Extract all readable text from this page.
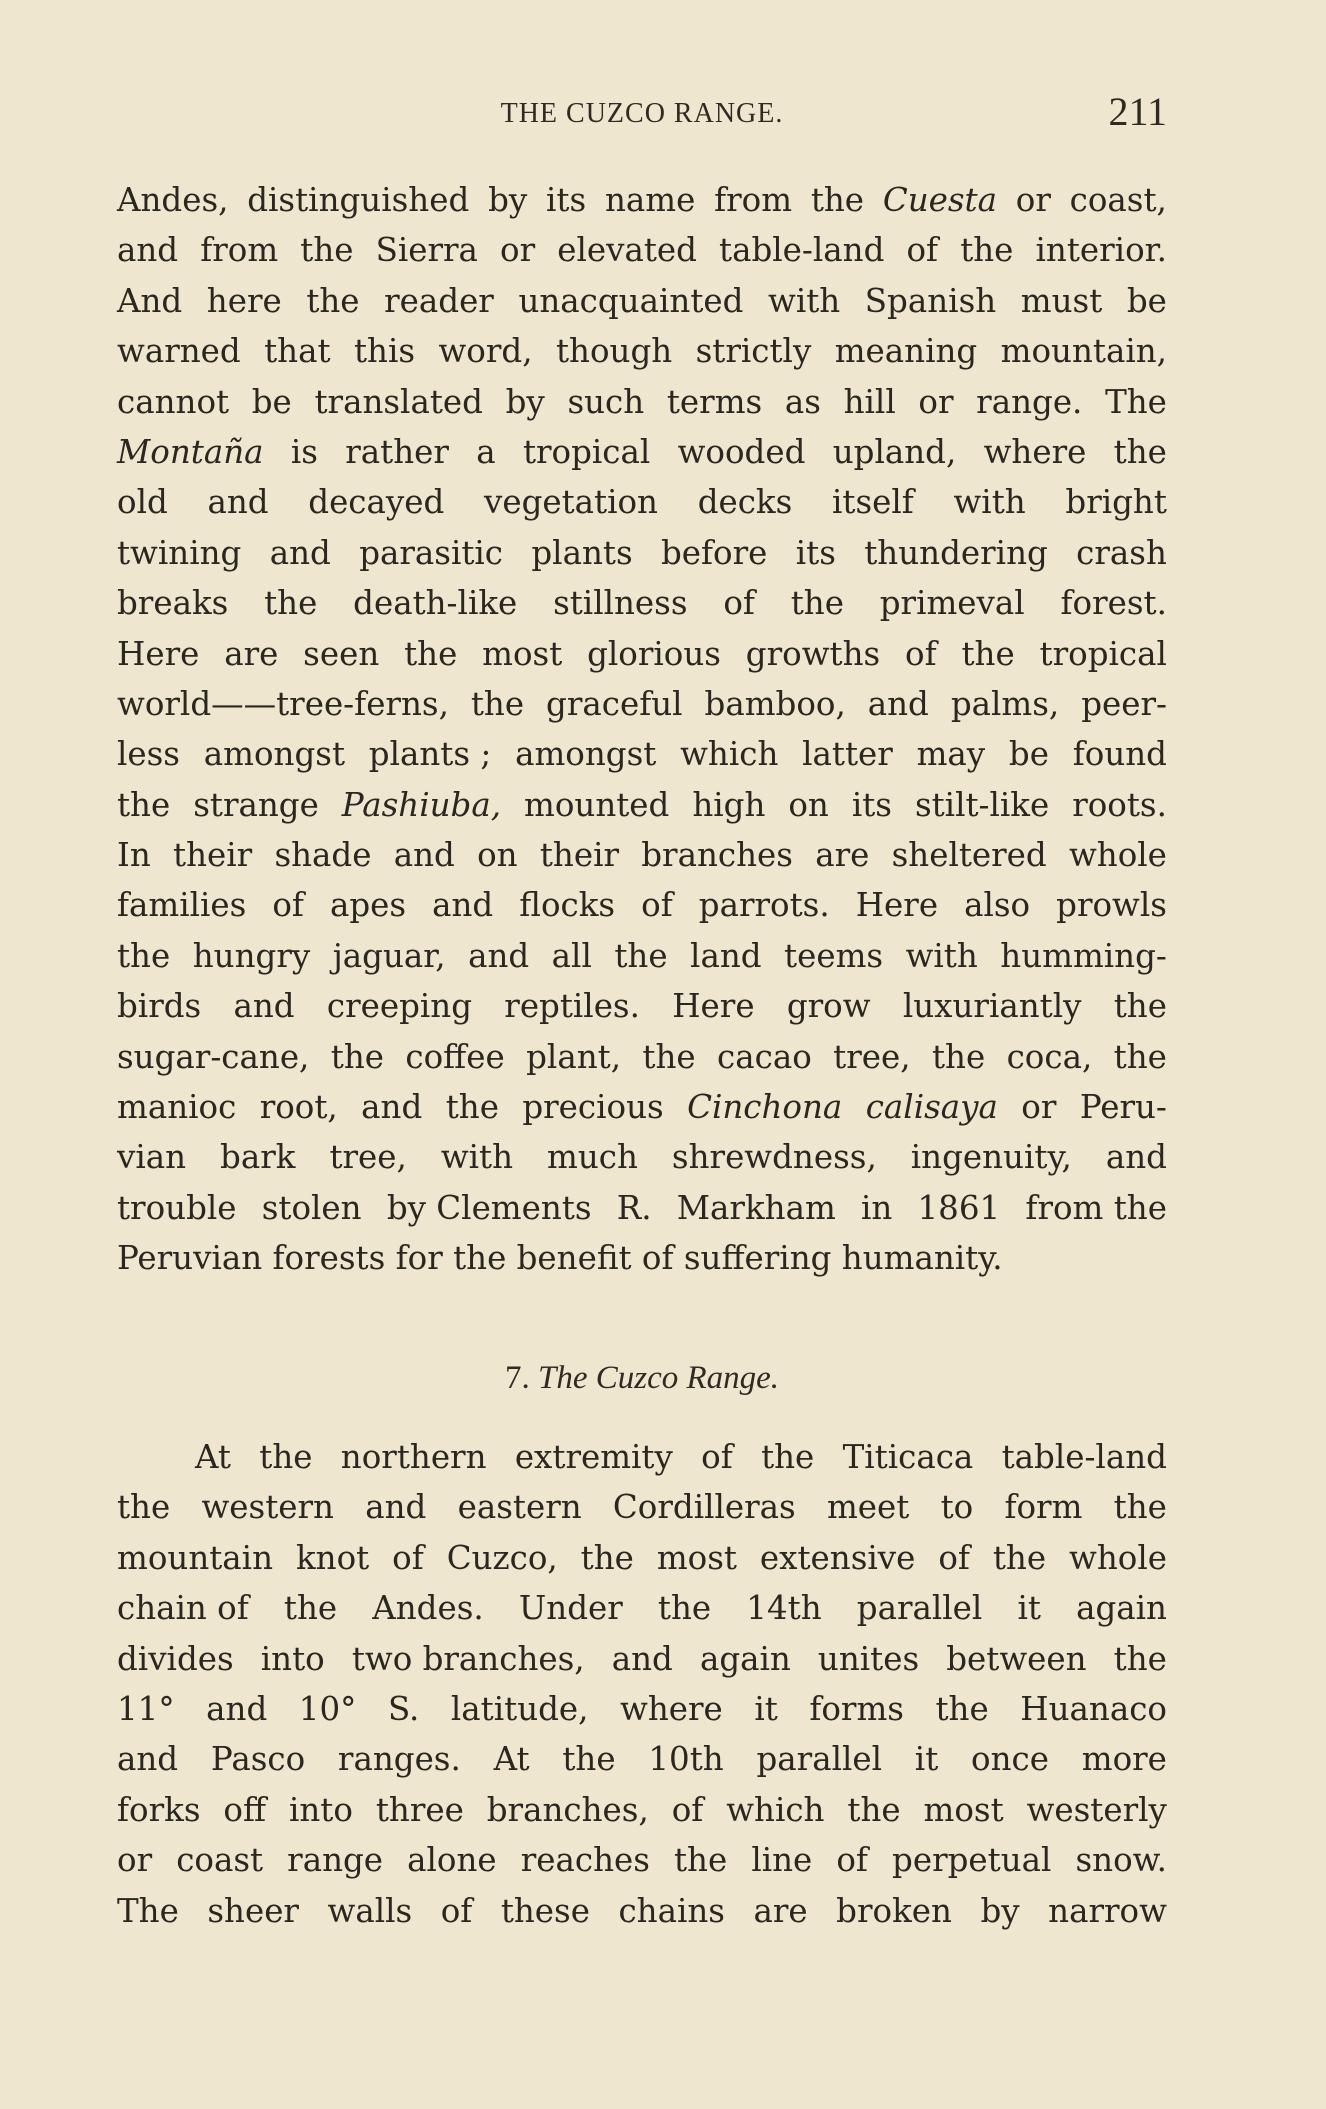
THE CUZCO RANGE.	211
Andes, distinguished by its name from the Cuesta or coast,
and from the Sierra or elevated table-land of the interior.
And here the reader unacquainted with Spanish must be
warned that this word, though strictly meaning mountain,
cannot be translated by such terms as hill or range. The
Montaña is rather a tropical wooded upland, where the
old and decayed vegetation decks itself with bright
twining and parasitic plants before its thundering crash
breaks the death-like stillness of the primeval forest.
Here are seen the most glorious growths of the tropical
world——tree-ferns, the graceful bamboo, and palms, peer-
less amongst plants ; amongst which latter may be found
the strange Pashiuba, mounted high on its stilt-like roots.
In their shade and on their branches are sheltered whole
families of apes and flocks of parrots. Here also prowls
the hungry jaguar, and all the land teems with humming-
birds and creeping reptiles. Here grow luxuriantly the
sugar-cane, the coffee plant, the cacao tree, the coca, the
manioc root, and the precious Cinchona calisaya or Peru-
vian bark tree, with much shrewdness, ingenuity, and
trouble stolen by Clements R. Markham in 1861 from the
Peruvian forests for the benefit of suffering humanity.
7. The Cuzco Range.
At the northern extremity of the Titicaca table-land
the western and eastern Cordilleras meet to form the
mountain knot of Cuzco, the most extensive of the whole
chain of the Andes. Under the 14th parallel it again
divides into two branches, and again unites between the
11° and 10° S. latitude, where it forms the Huanaco
and Pasco ranges. At the 10th parallel it once more
forks off into three branches, of which the most westerly
or coast range alone reaches the line of perpetual snow.
The sheer walls of these chains are broken by narrow
